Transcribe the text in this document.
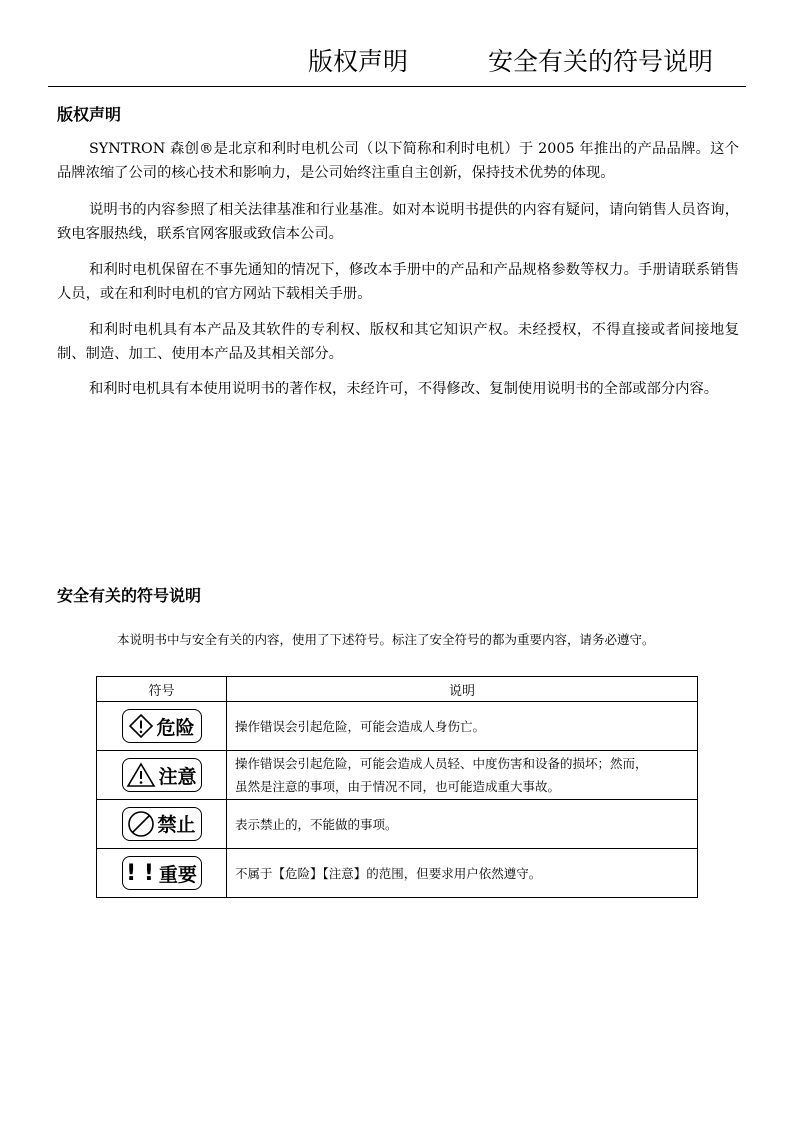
版权声明	安全有关的符号说明
版权声明

SYNTRON 森创®是北京和利时电机公司（以下简称和利时电机）于 2005 年推出的产品品牌。这个品牌浓缩了公司的核心技术和影响力，是公司始终注重自主创新，保持技术优势的体现。

说明书的内容参照了相关法律基准和行业基准。如对本说明书提供的内容有疑问，请向销售人员咨询，致电客服热线，联系官网客服或致信本公司。

和利时电机保留在不事先通知的情况下，修改本手册中的产品和产品规格参数等权力。手册请联系销售人员，或在和利时电机的官方网站下载相关手册。

和利时电机具有本产品及其软件的专利权、版权和其它知识产权。未经授权，不得直接或者间接地复制、制造、加工、使用本产品及其相关部分。

和利时电机具有本使用说明书的著作权，未经许可，不得修改、复制使用说明书的全部或部分内容。

安全有关的符号说明

本说明书中与安全有关的内容，使用了下述符号。标注了安全符号的都为重要内容，请务必遵守。

符号	说明

危险	操作错误会引起危险，可能会造成人身伤亡。

注意	操作错误会引起危险，可能会造成人员轻、中度伤害和设备的损坏；然而，
虽然是注意的事项，由于情况不同，也可能造成重大事故。

禁止	表示禁止的，不能做的事项。

! ! 重要	不属于【危险】【注意】的范围，但要求用户依然遵守。
